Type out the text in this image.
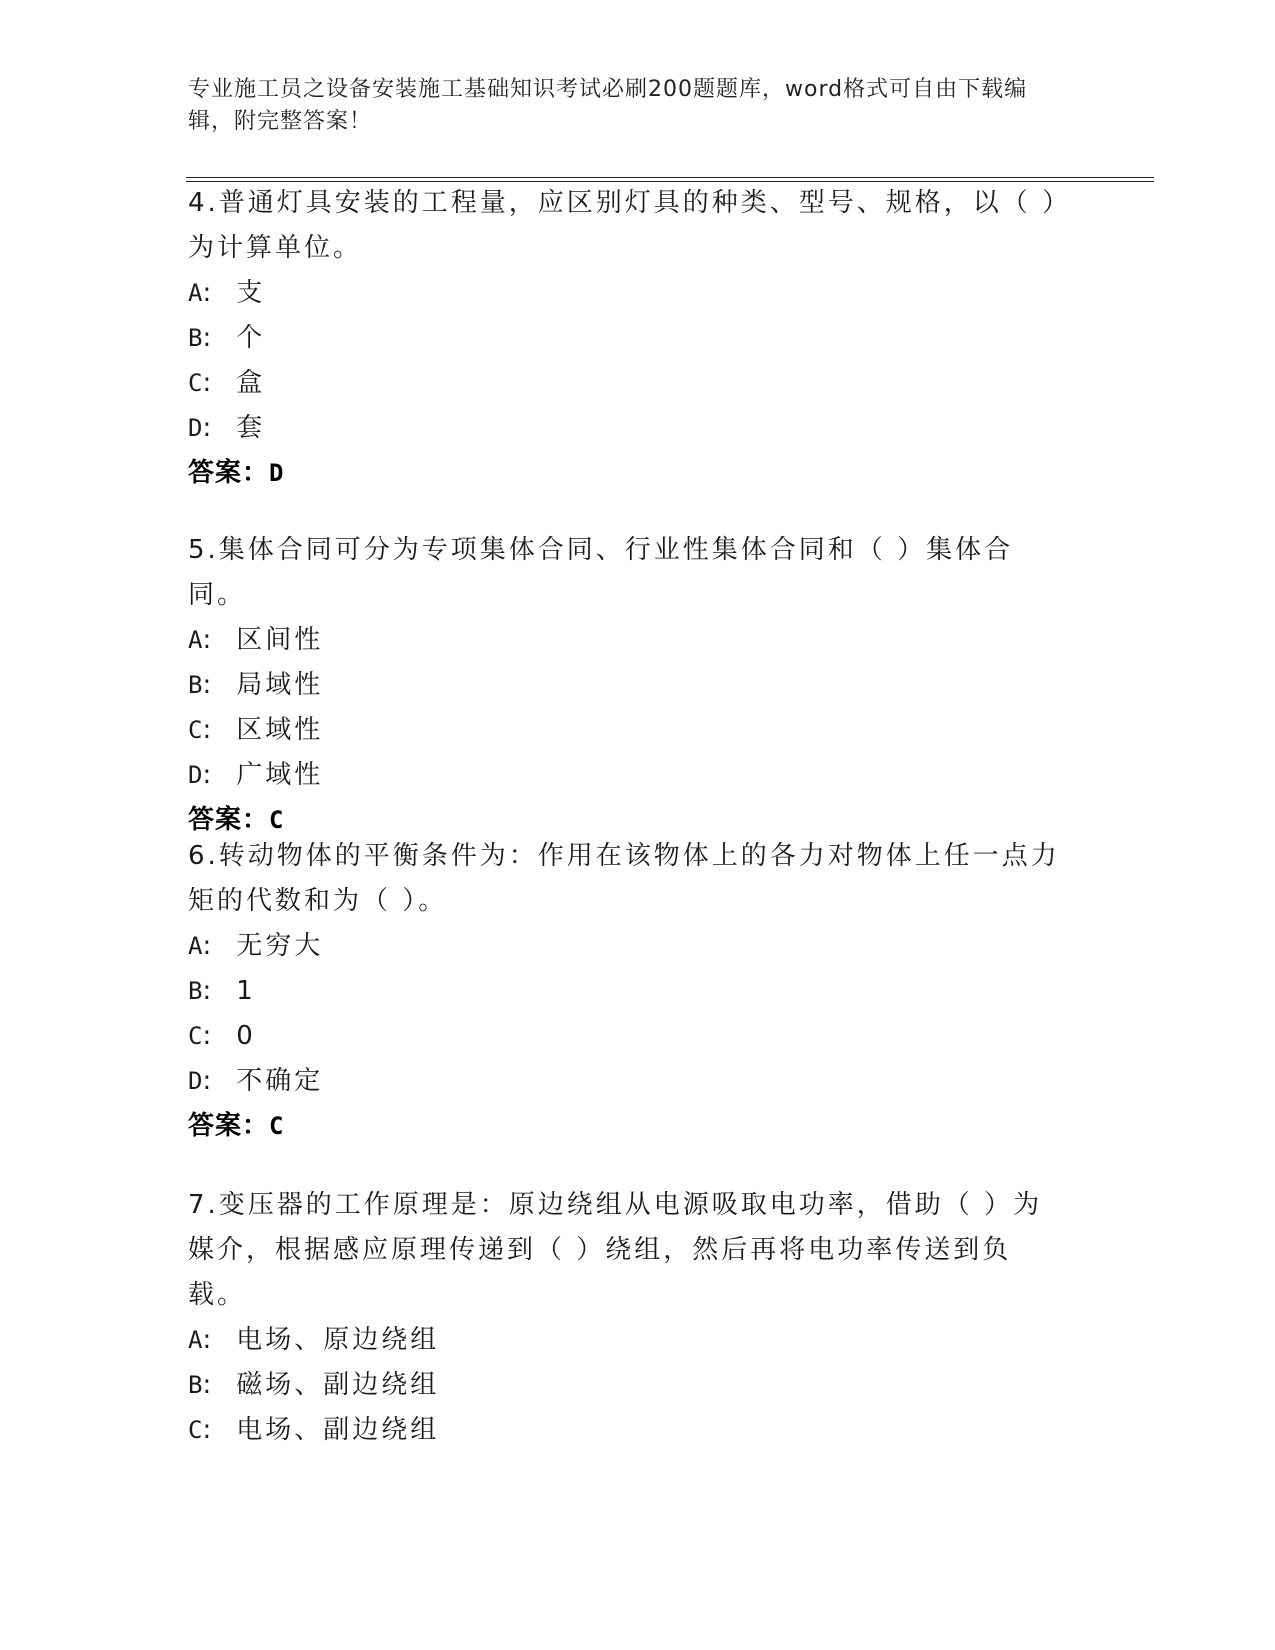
专业施工员之设备安装施工基础知识考试必刷200题题库，word格式可自由下载编辑，附完整答案！

4.普通灯具安装的工程量，应区别灯具的种类、型号、规格，以（ ）为计算单位。

A: 支

B: 个

C: 盒

D: 套

答案：D

5.集体合同可分为专项集体合同、行业性集体合同和（ ）集体合同。

A: 区间性

B: 局域性

C: 区域性

D: 广域性

答案：C

6.转动物体的平衡条件为：作用在该物体上的各力对物体上任一点力矩的代数和为（ ）。

A: 无穷大

B: 1

C: 0

D: 不确定

答案：C

7.变压器的工作原理是：原边绕组从电源吸取电功率，借助（ ）为媒介，根据感应原理传递到（ ）绕组，然后再将电功率传送到负载。

A: 电场、原边绕组

B: 磁场、副边绕组

C: 电场、副边绕组
